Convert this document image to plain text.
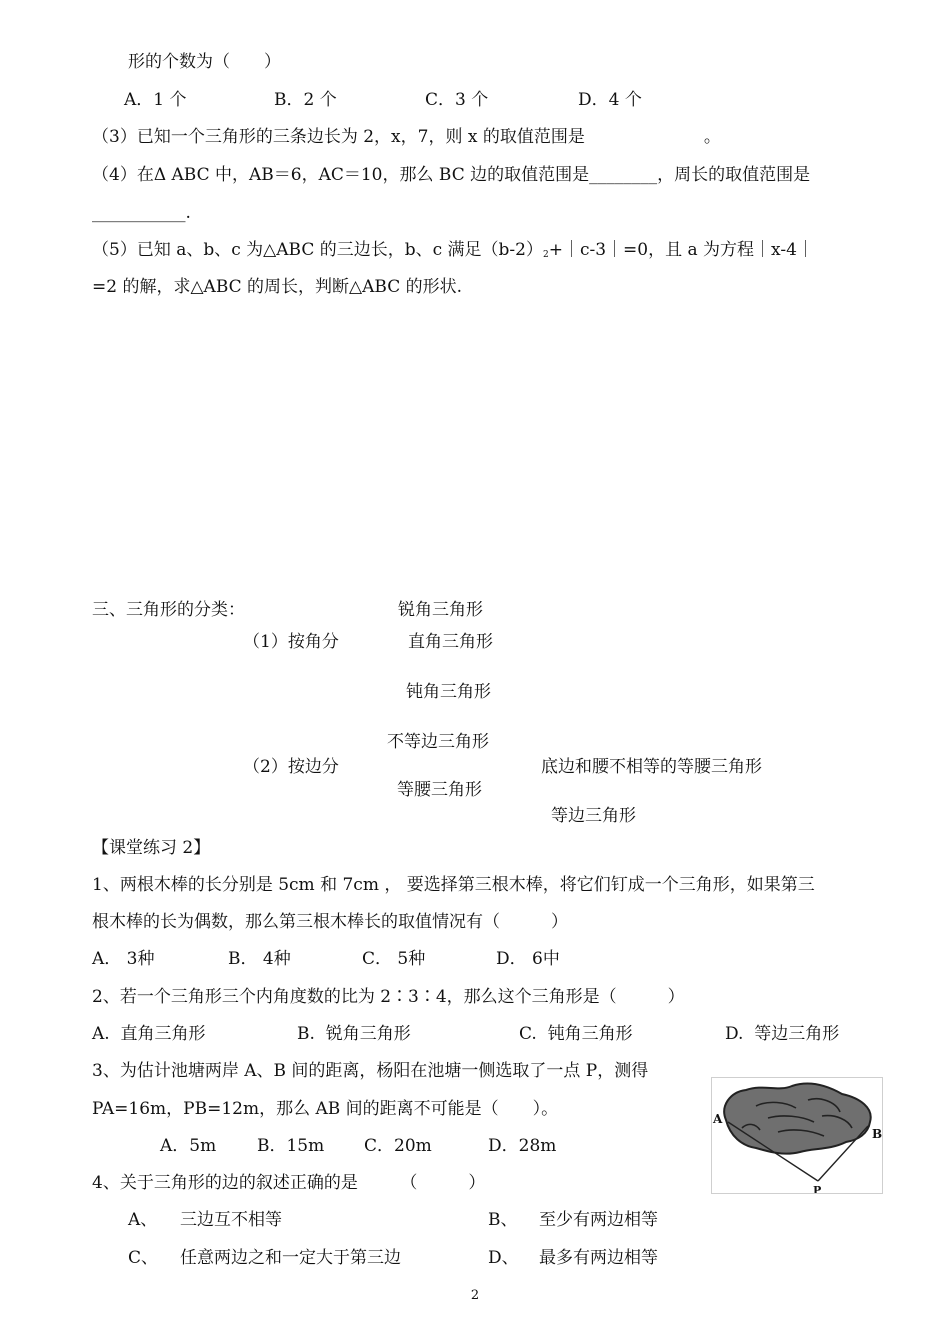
形的个数为（　　）
A．1 个	B．2 个	C．3 个	D．4 个
（3）已知一个三角形的三条边长为 2，x，7，则 x 的取值范围是　　　　　　　。
（4）在Δ ABC 中，AB＝6，AC＝10，那么 BC 边的取值范围是________，周长的取值范围是
___________.
（5）已知 a、b、c 为△ABC 的三边长，b、c 满足$(b-2)^2+|c-3|=0$，且 a 为方程｜x-4｜
=2 的解，求△ABC 的周长，判断△ABC 的形状.
三、三角形的分类：	锐角三角形
（1）按角分	直角三角形
钝角三角形
不等边三角形
（2）按边分	底边和腰不相等的等腰三角形
等腰三角形
等边三角形
【课堂练习 2】
1、两根木棒的长分别是 5cm 和 7cm ， 要选择第三根木棒，将它们钉成一个三角形，如果第三
根木棒的长为偶数，那么第三根木棒长的取值情况有（　　　）
A． 3种	B． 4种	C． 5种	D． 6中
2、若一个三角形三个内角度数的比为 2∶3∶4，那么这个三角形是（　　　）
A.  直角三角形	B.  锐角三角形	C.  钝角三角形	D.  等边三角形
3、为估计池塘两岸 A、B 间的距离，杨阳在池塘一侧选取了一点 P，测得
PA=16m，PB=12m，那么 AB 间的距离不可能是（　　）。
A．5m B．15m C．20m	D．28m
A
B
P
4、关于三角形的边的叙述正确的是　　　（　　　）
A、 三边互不相等	B、 至少有两边相等
C、 任意两边之和一定大于第三边	D、 最多有两边相等
2
